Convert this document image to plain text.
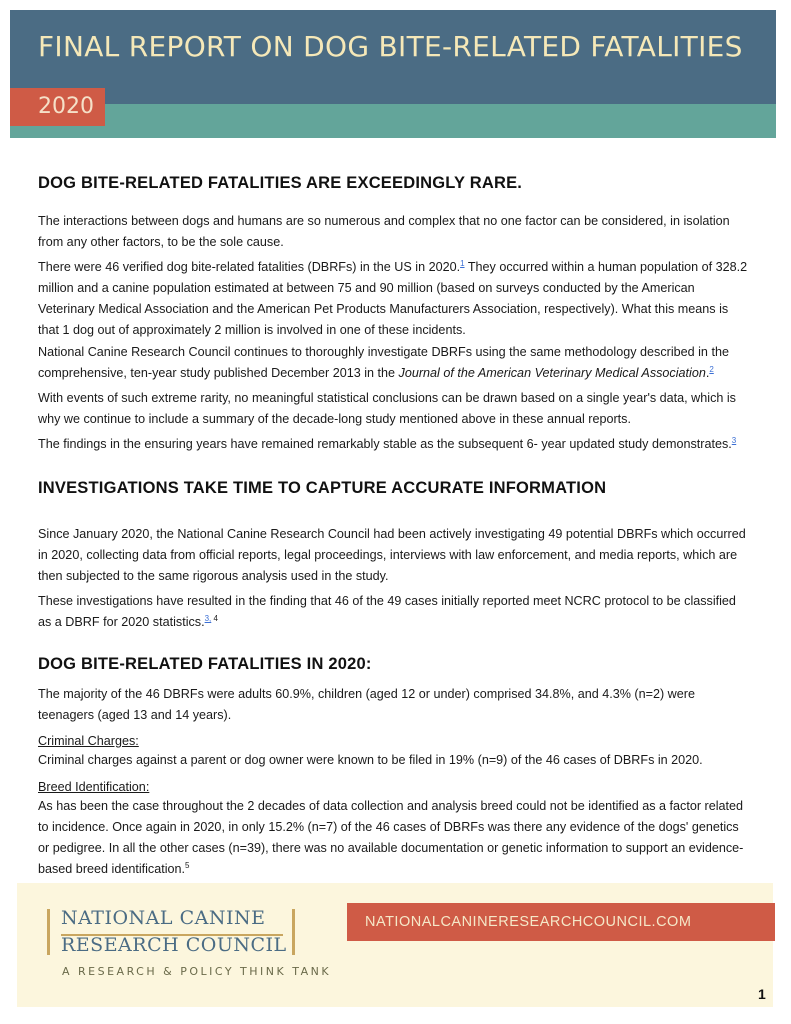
FINAL REPORT ON DOG BITE-RELATED FATALITIES
2020
DOG BITE-RELATED FATALITIES ARE EXCEEDINGLY RARE.

The interactions between dogs and humans are so numerous and complex that no one factor can be considered, in isolation from any other factors, to be the sole cause.

There were 46 verified dog bite-related fatalities (DBRFs) in the US in 2020.$^1$ They occurred within a human population of 328.2 million and a canine population estimated at between 75 and 90 million (based on surveys conducted by the American Veterinary Medical Association and the American Pet Products Manufacturers Association, respectively). What this means is that 1 dog out of approximately 2 million is involved in one of these incidents.

National Canine Research Council continues to thoroughly investigate DBRFs using the same methodology described in the comprehensive, ten-year study published December 2013 in the Journal of the American Veterinary Medical Association.$^2$

With events of such extreme rarity, no meaningful statistical conclusions can be drawn based on a single year's data, which is why we continue to include a summary of the decade-long study mentioned above in these annual reports.

The findings in the ensuring years have remained remarkably stable as the subsequent 6- year updated study demonstrates.$^3$

INVESTIGATIONS TAKE TIME TO CAPTURE ACCURATE INFORMATION

Since January 2020, the National Canine Research Council had been actively investigating 49 potential DBRFs which occurred in 2020, collecting data from official reports, legal proceedings, interviews with law enforcement, and media reports, which are then subjected to the same rigorous analysis used in the study.

These investigations have resulted in the finding that 46 of the 49 cases initially reported meet NCRC protocol to be classified as a DBRF for 2020 statistics.$^{3,}$ $^4$

DOG BITE-RELATED FATALITIES IN 2020:

The majority of the 46 DBRFs were adults 60.9%, children (aged 12 or under) comprised 34.8%, and 4.3% (n=2) were teenagers (aged 13 and 14 years).

Criminal Charges:

Criminal charges against a parent or dog owner were known to be filed in 19% (n=9) of the 46 cases of DBRFs in 2020.

Breed Identification:

As has been the case throughout the 2 decades of data collection and analysis breed could not be identified as a factor related to incidence. Once again in 2020, in only 15.2% (n=7) of the 46 cases of DBRFs was there any evidence of the dogs' genetics or pedigree. In all the other cases (n=39), there was no available documentation or genetic information to support an evidence-based breed identification.$^5$

NATIONAL CANINE
RESEARCH COUNCIL
A RESEARCH & POLICY THINK TANK
NATIONALCANINERESEARCHCOUNCIL.COM
1
